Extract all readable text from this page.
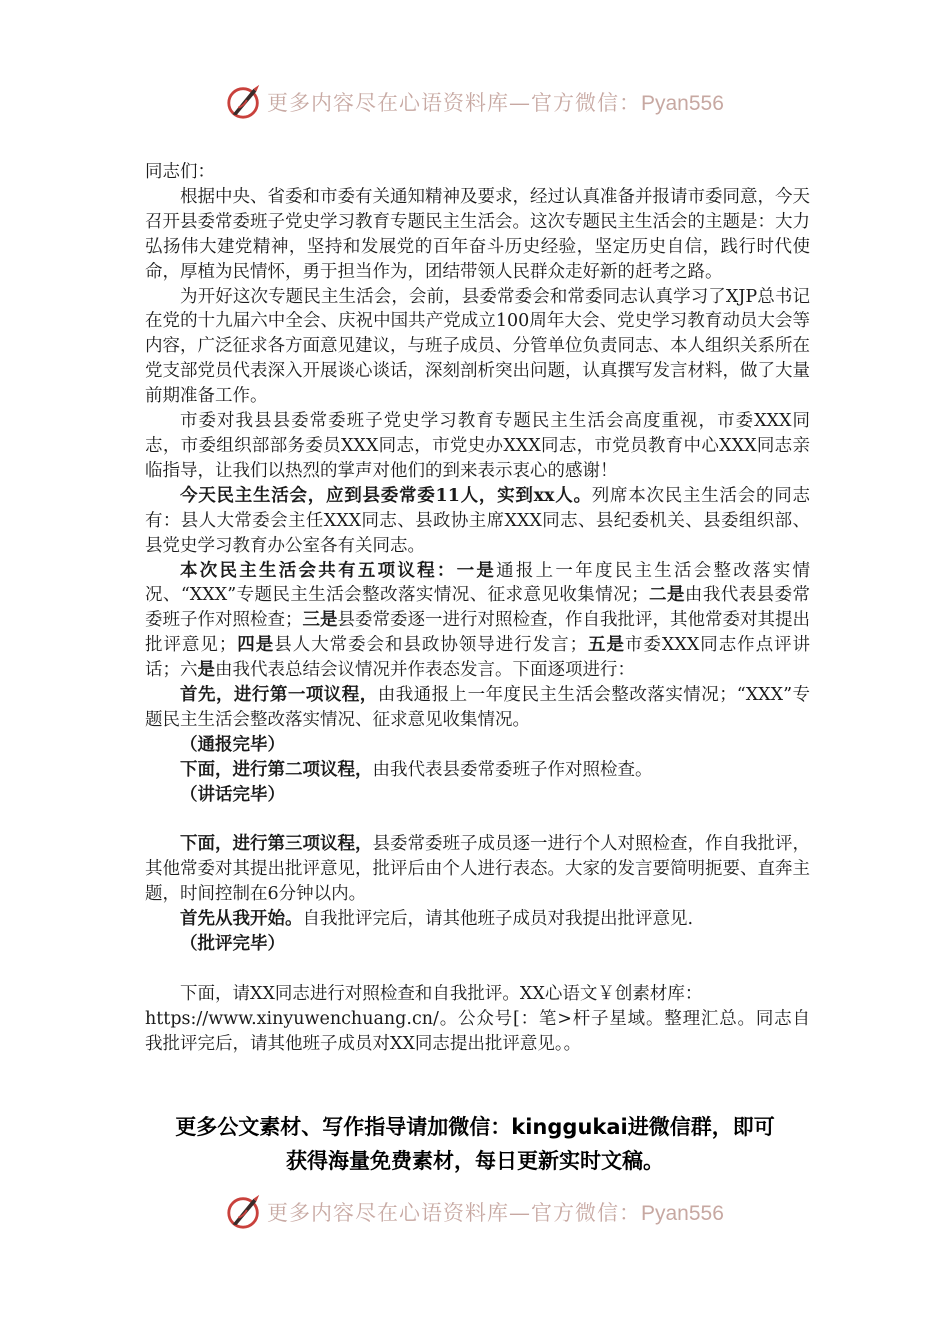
更多内容尽在心语资料库—官方微信：Pyan556

同志们：

根据中央、省委和市委有关通知精神及要求，经过认真准备并报请市委同意，今天召开县委常委班子党史学习教育专题民主生活会。这次专题民主生活会的主题是：大力弘扬伟大建党精神，坚持和发展党的百年奋斗历史经验，坚定历史自信，践行时代使命，厚植为民情怀，勇于担当作为，团结带领人民群众走好新的赶考之路。

为开好这次专题民主生活会，会前，县委常委会和常委同志认真学习了XJP总书记在党的十九届六中全会、庆祝中国共产党成立100周年大会、党史学习教育动员大会等内容，广泛征求各方面意见建议，与班子成员、分管单位负责同志、本人组织关系所在党支部党员代表深入开展谈心谈话，深刻剖析突出问题，认真撰写发言材料，做了大量前期准备工作。

市委对我县县委常委班子党史学习教育专题民主生活会高度重视，市委XXX同志，市委组织部部务委员XXX同志，市党史办XXX同志，市党员教育中心XXX同志亲临指导，让我们以热烈的掌声对他们的到来表示衷心的感谢！

今天民主生活会，应到县委常委11人，实到xx人。列席本次民主生活会的同志有：县人大常委会主任XXX同志、县政协主席XXX同志、县纪委机关、县委组织部、县党史学习教育办公室各有关同志。

本次民主生活会共有五项议程：一是通报上一年度民主生活会整改落实情况、“XXX”专题民主生活会整改落实情况、征求意见收集情况；二是由我代表县委常委班子作对照检查；三是县委常委逐一进行对照检查，作自我批评，其他常委对其提出批评意见；四是县人大常委会和县政协领导进行发言；五是市委XXX同志作点评讲话；六是由我代表总结会议情况并作表态发言。下面逐项进行：

首先，进行第一项议程，由我通报上一年度民主生活会整改落实情况；“XXX”专题民主生活会整改落实情况、征求意见收集情况。

（通报完毕）

下面，进行第二项议程，由我代表县委常委班子作对照检查。

（讲话完毕）

下面，进行第三项议程，县委常委班子成员逐一进行个人对照检查，作自我批评，其他常委对其提出批评意见，批评后由个人进行表态。大家的发言要简明扼要、直奔主题，时间控制在6分钟以内。

首先从我开始。自我批评完后，请其他班子成员对我提出批评意见.

（批评完毕）

下面，请XX同志进行对照检查和自我批评。XX心语文￥创素材库：

https://www.xinyuwenchuang.cn/。公众号[：笔>杆子星域。整理汇总。同志自我批评完后，请其他班子成员对XX同志提出批评意见。。

更多公文素材、写作指导请加微信：kinggukai进微信群，即可
获得海量免费素材，每日更新实时文稿。
更多内容尽在心语资料库—官方微信：Pyan556
